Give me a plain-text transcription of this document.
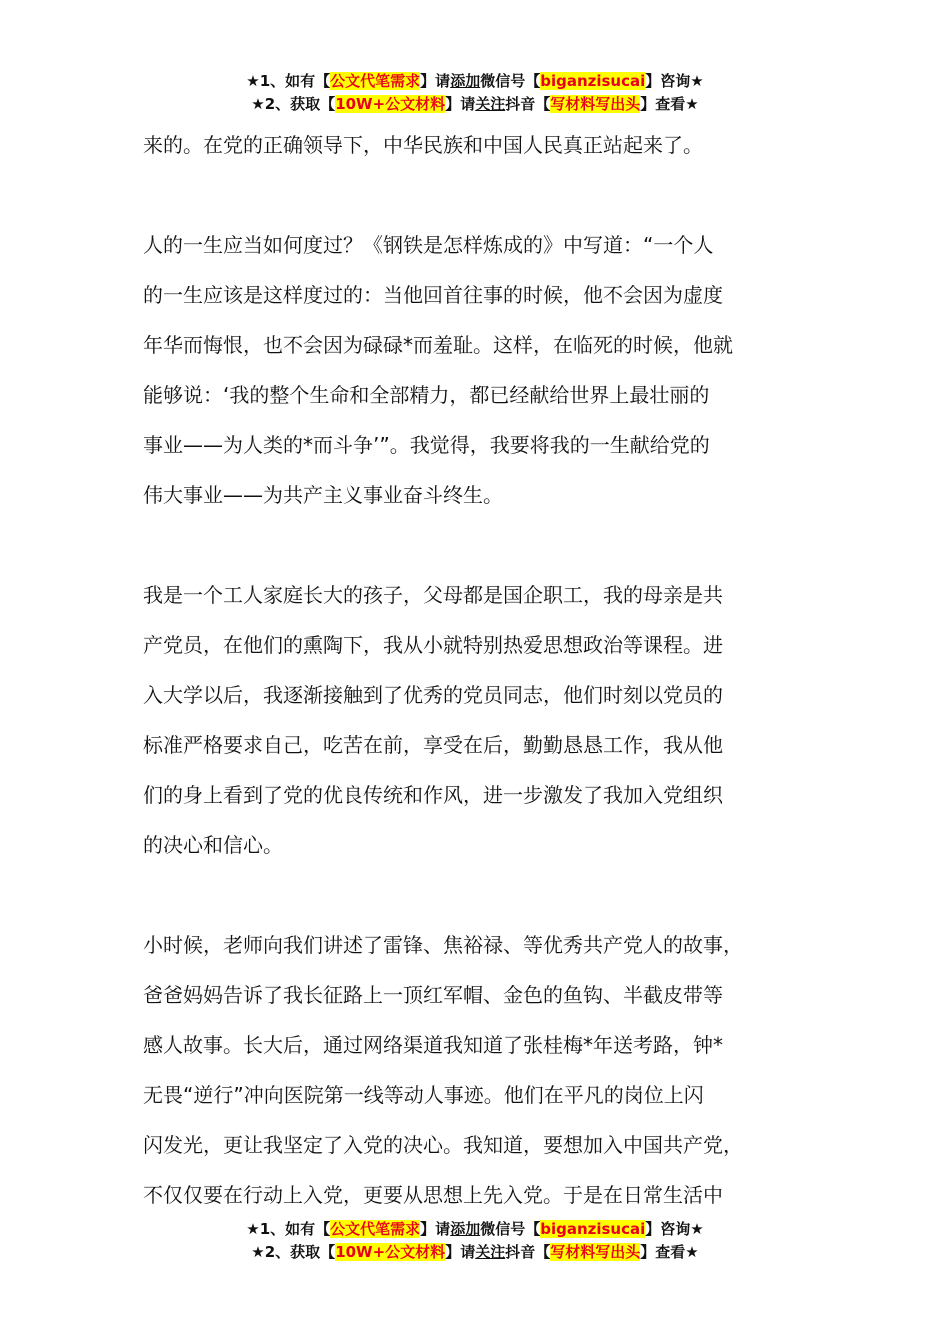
★1、如有【公文代笔需求】请添加微信号【biganzisucai】咨询★
★2、获取【10W+公文材料】请关注抖音【写材料写出头】查看★
来的。在党的正确领导下，中华民族和中国人民真正站起来了。
人的一生应当如何度过？《钢铁是怎样炼成的》中写道：“一个人
的一生应该是这样度过的：当他回首往事的时候，他不会因为虚度
年华而悔恨，也不会因为碌碌*而羞耻。这样，在临死的时候，他就
能够说：‘我的整个生命和全部精力，都已经献给世界上最壮丽的
事业——为人类的*而斗争’”。我觉得，我要将我的一生献给党的
伟大事业——为共产主义事业奋斗终生。
我是一个工人家庭长大的孩子，父母都是国企职工，我的母亲是共
产党员，在他们的熏陶下，我从小就特别热爱思想政治等课程。进
入大学以后，我逐渐接触到了优秀的党员同志，他们时刻以党员的
标准严格要求自己，吃苦在前，享受在后，勤勤恳恳工作，我从他
们的身上看到了党的优良传统和作风，进一步激发了我加入党组织
的决心和信心。
小时候，老师向我们讲述了雷锋、焦裕禄、等优秀共产党人的故事，
爸爸妈妈告诉了我长征路上一顶红军帽、金色的鱼钩、半截皮带等
感人故事。长大后，通过网络渠道我知道了张桂梅*年送考路，钟*
无畏“逆行”冲向医院第一线等动人事迹。他们在平凡的岗位上闪
闪发光，更让我坚定了入党的决心。我知道，要想加入中国共产党，
不仅仅要在行动上入党，更要从思想上先入党。于是在日常生活中
★1、如有【公文代笔需求】请添加微信号【biganzisucai】咨询★
★2、获取【10W+公文材料】请关注抖音【写材料写出头】查看★
